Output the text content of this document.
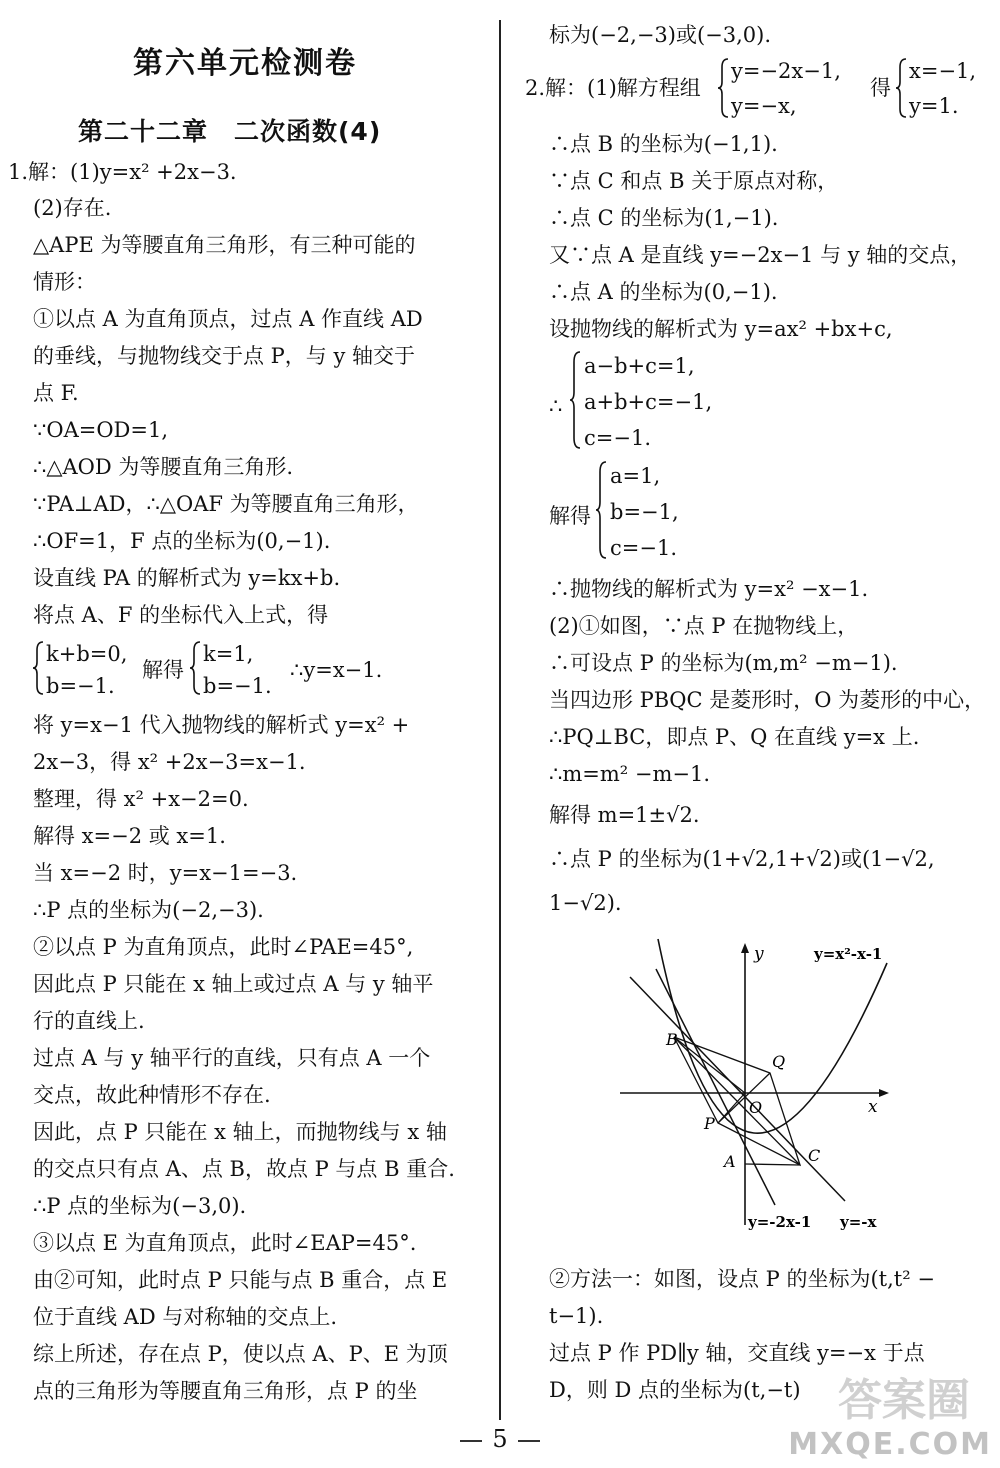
第六单元检测卷
第二十二章　二次函数(4)
1.解：(1)y=x² +2x−3.
(2)存在.
△APE 为等腰直角三角形，有三种可能的
情形：
①以点 A 为直角顶点，过点 A 作直线 AD
的垂线，与抛物线交于点 P，与 y 轴交于
点 F.
∵OA=OD=1,
∴△AOD 为等腰直角三角形.
∵PA⊥AD，∴△OAF 为等腰直角三角形，
∴OF=1，F 点的坐标为(0,−1).
设直线 PA 的解析式为 y=kx+b.
将点 A、F 的坐标代入上式，得
k+b=0,
b=−1.
解得
k=1,
b=−1.
∴y=x−1.
将 y=x−1 代入抛物线的解析式 y=x² +
2x−3，得 x² +2x−3=x−1.
整理，得 x² +x−2=0.
解得 x=−2 或 x=1.
当 x=−2 时，y=x−1=−3.
∴P 点的坐标为(−2,−3).
②以点 P 为直角顶点，此时∠PAE=45°,
因此点 P 只能在 x 轴上或过点 A 与 y 轴平
行的直线上.
过点 A 与 y 轴平行的直线，只有点 A 一个
交点，故此种情形不存在.
因此，点 P 只能在 x 轴上，而抛物线与 x 轴
的交点只有点 A、点 B，故点 P 与点 B 重合.
∴P 点的坐标为(−3,0).
③以点 E 为直角顶点，此时∠EAP=45°.
由②可知，此时点 P 只能与点 B 重合，点 E
位于直线 AD 与对称轴的交点上.
综上所述，存在点 P，使以点 A、P、E 为顶
点的三角形为等腰直角三角形，点 P 的坐
标为(−2,−3)或(−3,0).
2.解：(1)解方程组
y=−2x−1,
y=−x,
得
x=−1,
y=1.
∴点 B 的坐标为(−1,1).
∵点 C 和点 B 关于原点对称，
∴点 C 的坐标为(1,−1).
又∵点 A 是直线 y=−2x−1 与 y 轴的交点，
∴点 A 的坐标为(0,−1).
设抛物线的解析式为 y=ax² +bx+c,
∴
a−b+c=1,
a+b+c=−1,
c=−1.
解得
a=1,
b=−1,
c=−1.
∴抛物线的解析式为 y=x² −x−1.
(2)①如图，∵点 P 在抛物线上，
∴可设点 P 的坐标为(m,m² −m−1).
当四边形 PBQC 是菱形时，O 为菱形的中心，
∴PQ⊥BC，即点 P、Q 在直线 y=x 上.
∴m=m² −m−1.
解得 m=1±√2.
∴点 P 的坐标为(1+√2,1+√2)或(1−√2,
1−√2).
y
x
y=x²-x-1
B
Q
O
P
A	C
y=-2x-1 y=-x
②方法一：如图，设点 P 的坐标为(t,t² −
t−1).
过点 P 作 PD∥y 轴，交直线 y=−x 于点
D，则 D 点的坐标为(t,−t)
5
答案圈
MXQE.COM
